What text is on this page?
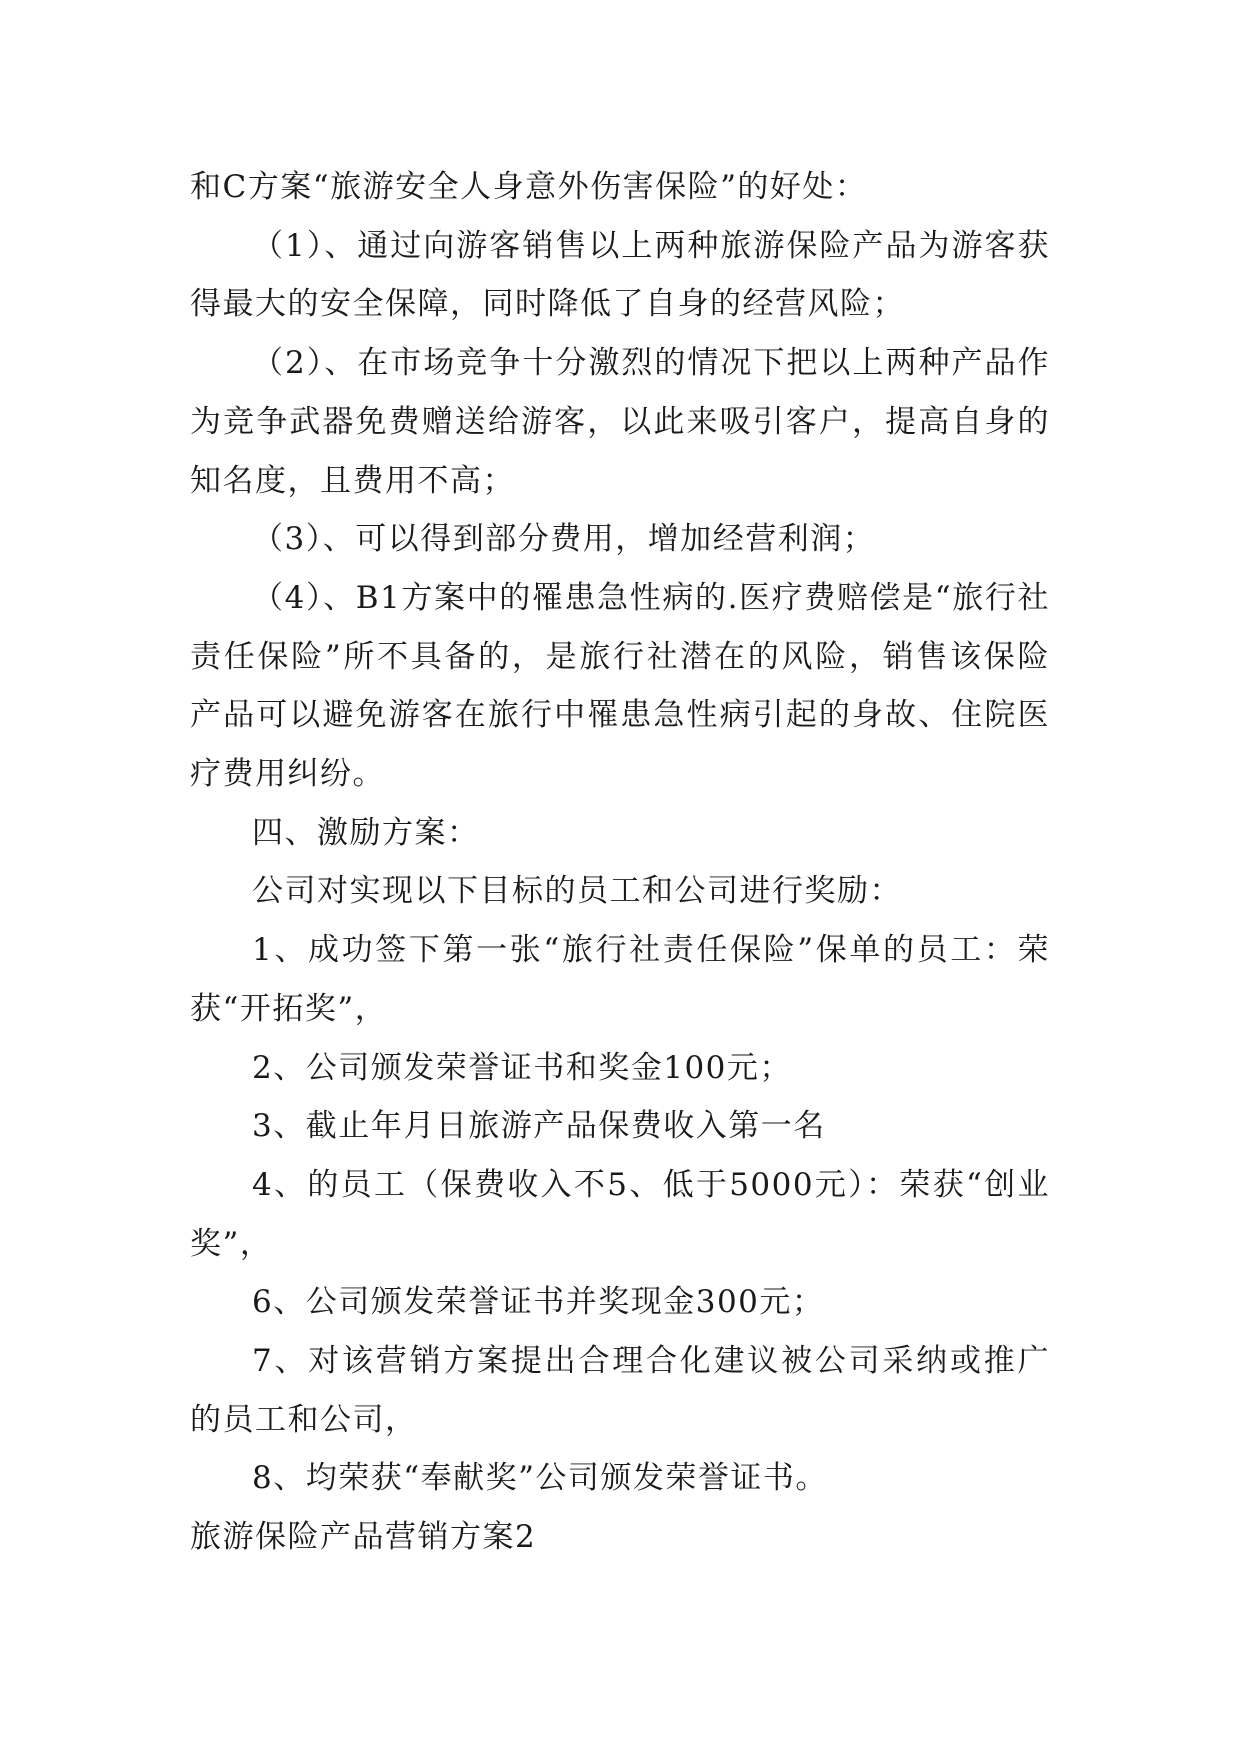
和C方案“旅游安全人身意外伤害保险”的好处：

（1）、通过向游客销售以上两种旅游保险产品为游客获得最大的安全保障，同时降低了自身的经营风险；

（2）、在市场竞争十分激烈的情况下把以上两种产品作为竞争武器免费赠送给游客，以此来吸引客户，提高自身的知名度，且费用不高；

（3）、可以得到部分费用，增加经营利润；

（4）、B1方案中的罹患急性病的.医疗费赔偿是“旅行社责任保险”所不具备的，是旅行社潜在的风险，销售该保险产品可以避免游客在旅行中罹患急性病引起的身故、住院医疗费用纠纷。

四、激励方案：

公司对实现以下目标的员工和公司进行奖励：

1、成功签下第一张“旅行社责任保险”保单的员工：荣获“开拓奖”，

2、公司颁发荣誉证书和奖金100元；

3、截止年月日旅游产品保费收入第一名

4、的员工（保费收入不5、低于5000元）：荣获“创业奖”，

6、公司颁发荣誉证书并奖现金300元；

7、对该营销方案提出合理合化建议被公司采纳或推广的员工和公司，

8、均荣获“奉献奖”公司颁发荣誉证书。

旅游保险产品营销方案2
